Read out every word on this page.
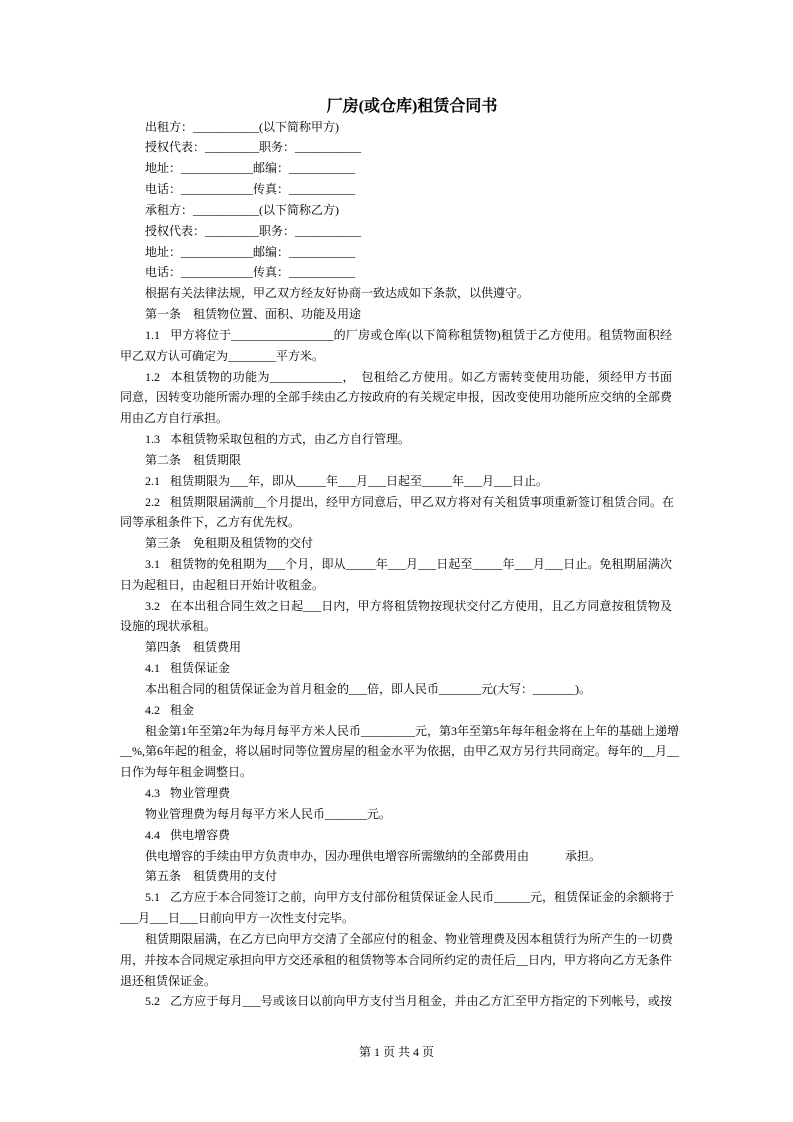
厂房(或仓库)租赁合同书
出租方：___________(以下简称甲方)
授权代表：_________职务：___________
地址：____________邮编：___________
电话：____________传真：___________
承租方：___________(以下简称乙方)
授权代表：_________职务：___________
地址：____________邮编：___________
电话：____________传真：___________
根据有关法律法规，甲乙双方经友好协商一致达成如下条款，以供遵守。
第一条 租赁物位置、面积、功能及用途
1.1 甲方将位于_________________的厂房或仓库(以下简称租赁物)租赁于乙方使用。租赁物面积经
甲乙双方认可确定为________平方米。
1.2 本租赁物的功能为____________，　包租给乙方使用。如乙方需转变使用功能，须经甲方书面
同意，因转变功能所需办理的全部手续由乙方按政府的有关规定申报，因改变使用功能所应交纳的全部费
用由乙方自行承担。
1.3 本租赁物采取包租的方式，由乙方自行管理。
第二条 租赁期限
2.1 租赁期限为___年，即从_____年___月___日起至_____年___月___日止。
2.2 租赁期限届满前__个月提出，经甲方同意后，甲乙双方将对有关租赁事项重新签订租赁合同。在
同等承租条件下，乙方有优先权。
第三条 免租期及租赁物的交付
3.1 租赁物的免租期为___个月，即从_____年___月___日起至_____年___月___日止。免租期届满次
日为起租日，由起租日开始计收租金。
3.2 在本出租合同生效之日起___日内，甲方将租赁物按现状交付乙方使用，且乙方同意按租赁物及
设施的现状承租。
第四条 租赁费用
4.1 租赁保证金
本出租合同的租赁保证金为首月租金的___倍，即人民币_______元(大写：_______)。
4.2 租金
租金第1年至第2年为每月每平方米人民币_________元，第3年至第5年每年租金将在上年的基础上递增
__%,第6年起的租金，将以届时同等位置房屋的租金水平为依据，由甲乙双方另行共同商定。每年的__月__
日作为每年租金调整日。
4.3 物业管理费
物业管理费为每月每平方米人民币_______元。
4.4 供电增容费
供电增容的手续由甲方负责申办，因办理供电增容所需缴纳的全部费用由　　　承担。
第五条 租赁费用的支付
5.1 乙方应于本合同签订之前，向甲方支付部份租赁保证金人民币______元，租赁保证金的余额将于
___月___日___日前向甲方一次性支付完毕。
租赁期限届满，在乙方已向甲方交清了全部应付的租金、物业管理费及因本租赁行为所产生的一切费
用，并按本合同规定承担向甲方交还承租的租赁物等本合同所约定的责任后__日内，甲方将向乙方无条件
退还租赁保证金。
5.2 乙方应于每月___号或该日以前向甲方支付当月租金，并由乙方汇至甲方指定的下列帐号，或按
第 1 页 共 4 页
